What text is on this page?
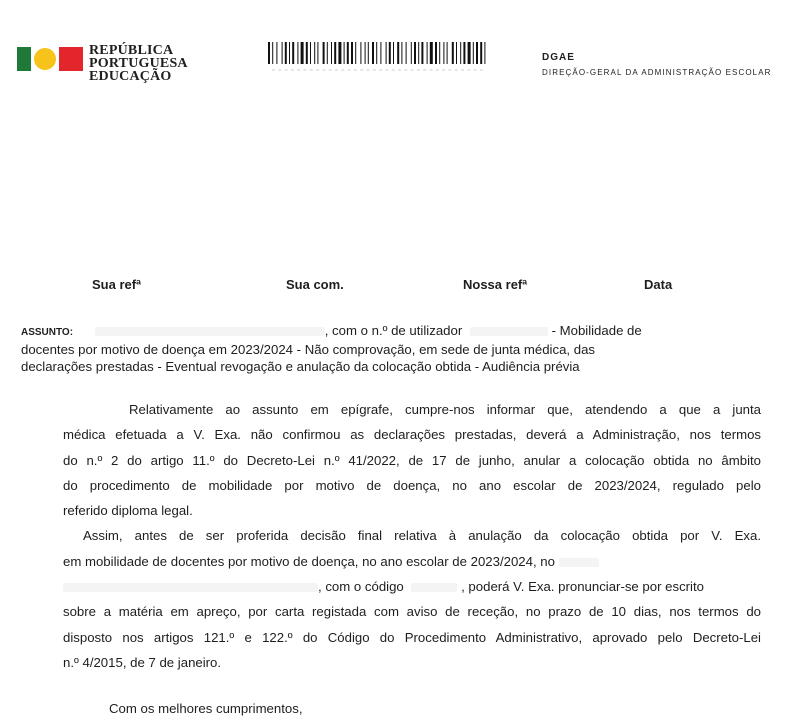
REPÚBLICA
PORTUGUESA
EDUCAÇÃO
DGAE
DIREÇÃO-GERAL DA ADMINISTRAÇÃO ESCOLAR
Sua refª	Sua com.	Nossa refª	Data
ASSUNTO:	, com o n.º de utilizador	- Mobilidade de
docentes por motivo de doença em 2023/2024 - Não comprovação, em sede de junta médica, das
declarações prestadas - Eventual revogação e anulação da colocação obtida - Audiência prévia
Relativamente ao assunto em epígrafe, cumpre-nos informar que, atendendo a que a junta
médica efetuada a V. Exa. não confirmou as declarações prestadas, deverá a Administração, nos termos
do n.º 2 do artigo 11.º do Decreto-Lei n.º 41/2022, de 17 de junho, anular a colocação obtida no âmbito
do procedimento de mobilidade por motivo de doença, no ano escolar de 2023/2024, regulado pelo
referido diploma legal.
Assim, antes de ser proferida decisão final relativa à anulação da colocação obtida por V. Exa.
em mobilidade de docentes por motivo de doença, no ano escolar de 2023/2024, no
, com o código	, poderá V. Exa. pronunciar-se por escrito
sobre a matéria em apreço, por carta registada com aviso de receção, no prazo de 10 dias, nos termos do
disposto nos artigos 121.º e 122.º do Código do Procedimento Administrativo, aprovado pelo Decreto-Lei
n.º 4/2015, de 7 de janeiro.
Com os melhores cumprimentos,
